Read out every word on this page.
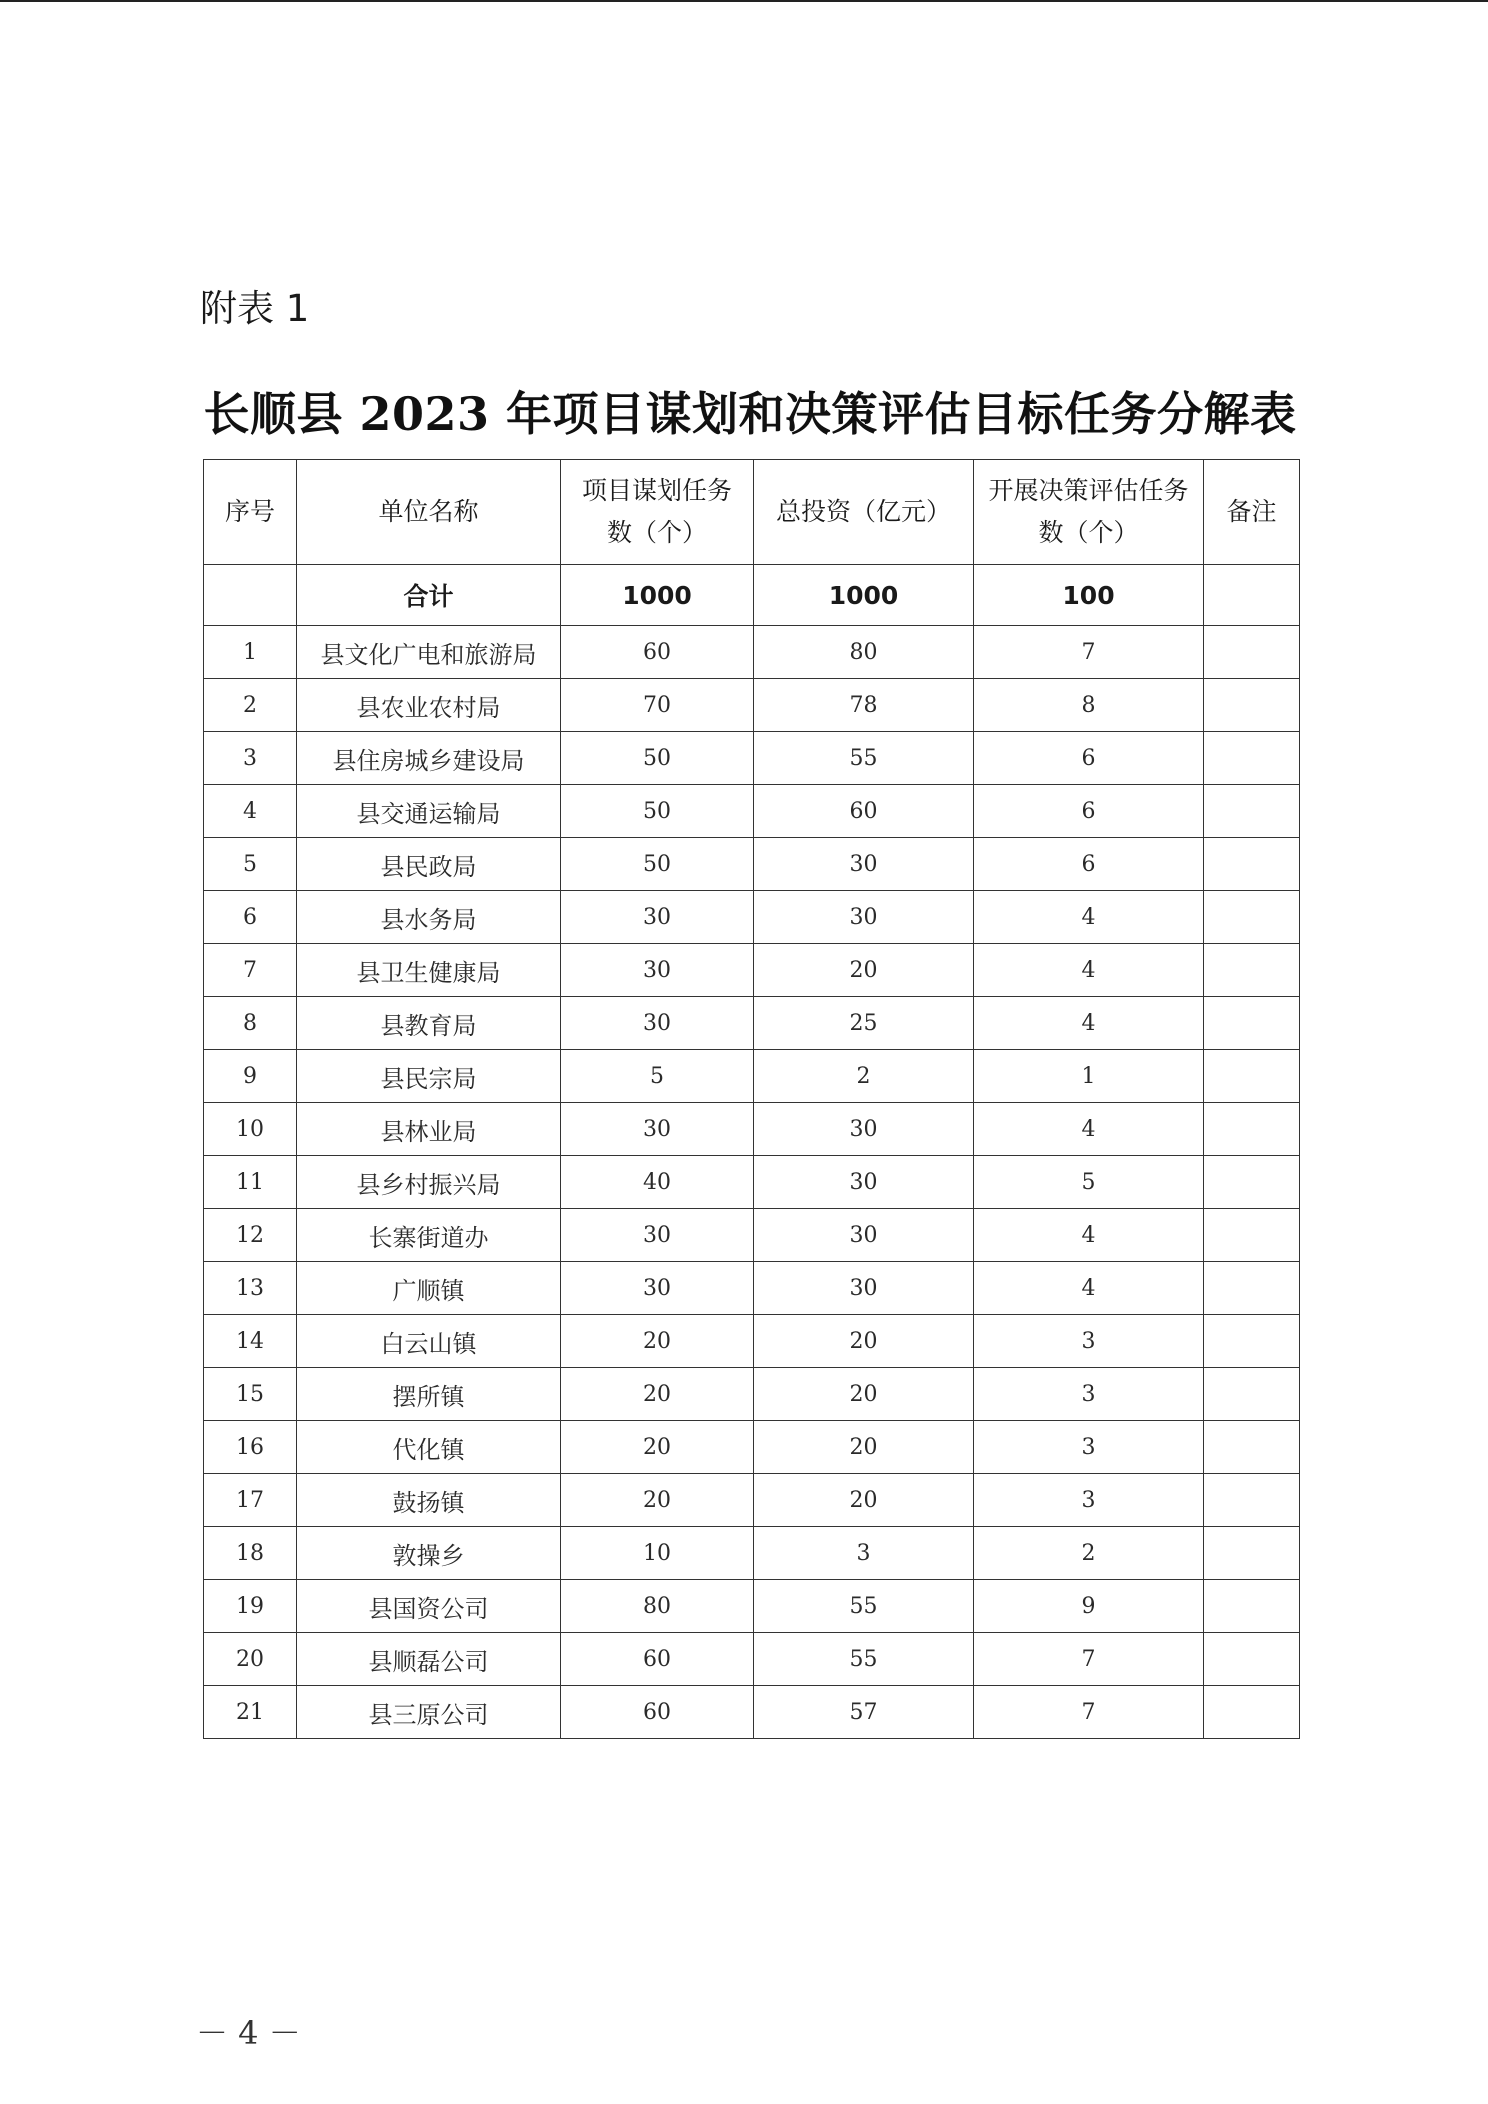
附表 1
长顺县 2023 年项目谋划和决策评估目标任务分解表
序号	单位名称	项目谋划任务数（个）	总投资（亿元）	开展决策评估任务数（个）	备注
	合计	1000	1000	100	
1	县文化广电和旅游局	60	80	7	
2	县农业农村局	70	78	8	
3	县住房城乡建设局	50	55	6	
4	县交通运输局	50	60	6	
5	县民政局	50	30	6	
6	县水务局	30	30	4	
7	县卫生健康局	30	20	4	
8	县教育局	30	25	4	
9	县民宗局	5	2	1	
10	县林业局	30	30	4	
11	县乡村振兴局	40	30	5	
12	长寨街道办	30	30	4	
13	广顺镇	30	30	4	
14	白云山镇	20	20	3	
15	摆所镇	20	20	3	
16	代化镇	20	20	3	
17	鼓扬镇	20	20	3	
18	敦操乡	10	3	2	
19	县国资公司	80	55	9	
20	县顺磊公司	60	55	7	
21	县三原公司	60	57	7	
－ 4 －
